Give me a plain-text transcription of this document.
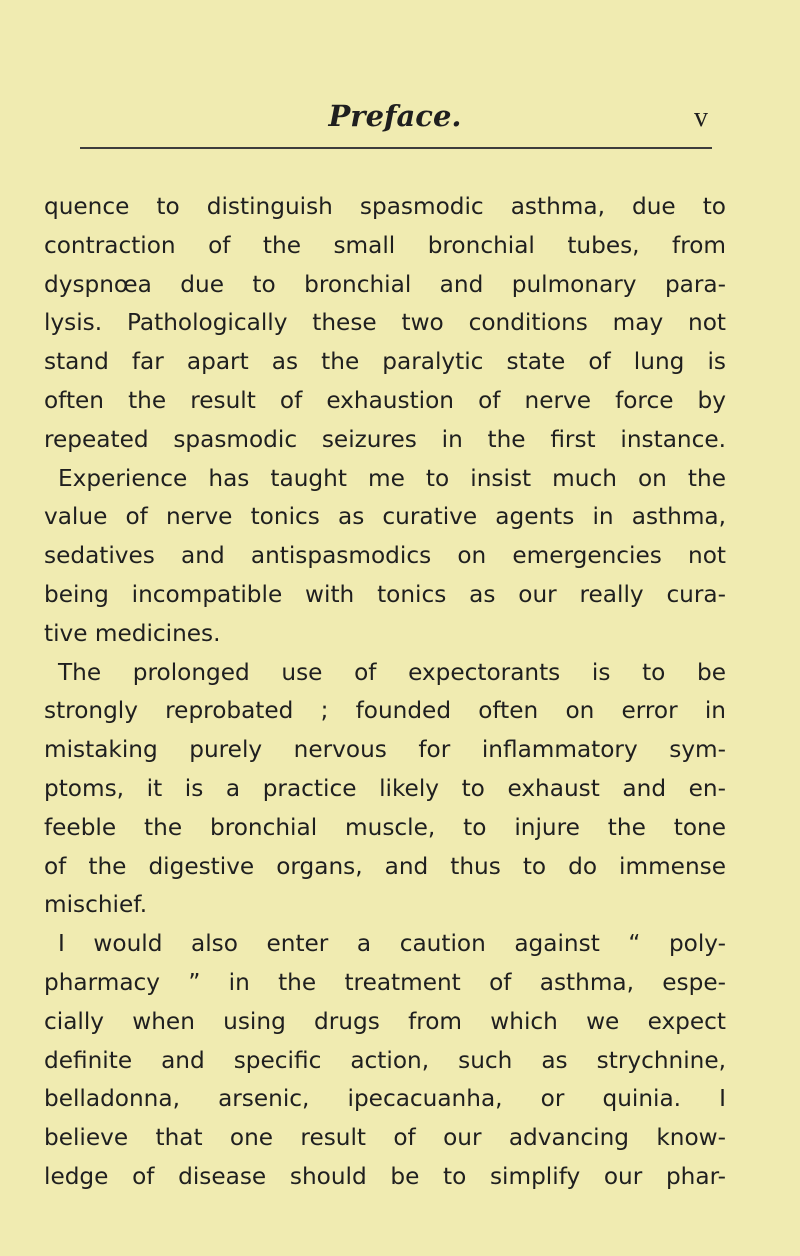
Preface.	v
quence to distinguish spasmodic asthma, due to
contraction of the small bronchial tubes, from
dyspnœa due to bronchial and pulmonary para-
lysis. Pathologically these two conditions may not
stand far apart as the paralytic state of lung is
often the result of exhaustion of nerve force by
repeated spasmodic seizures in the first instance.
Experience has taught me to insist much on the
value of nerve tonics as curative agents in asthma,
sedatives and antispasmodics on emergencies not
being incompatible with tonics as our really cura-
tive medicines.
The prolonged use of expectorants is to be
strongly reprobated ; founded often on error in
mistaking purely nervous for inflammatory sym-
ptoms, it is a practice likely to exhaust and en-
feeble the bronchial muscle, to injure the tone
of the digestive organs, and thus to do immense
mischief.
I would also enter a caution against “ poly-
pharmacy ” in the treatment of asthma, espe-
cially when using drugs from which we expect
definite and specific action, such as strychnine,
belladonna, arsenic, ipecacuanha, or quinia. I
believe that one result of our advancing know-
ledge of disease should be to simplify our phar-
